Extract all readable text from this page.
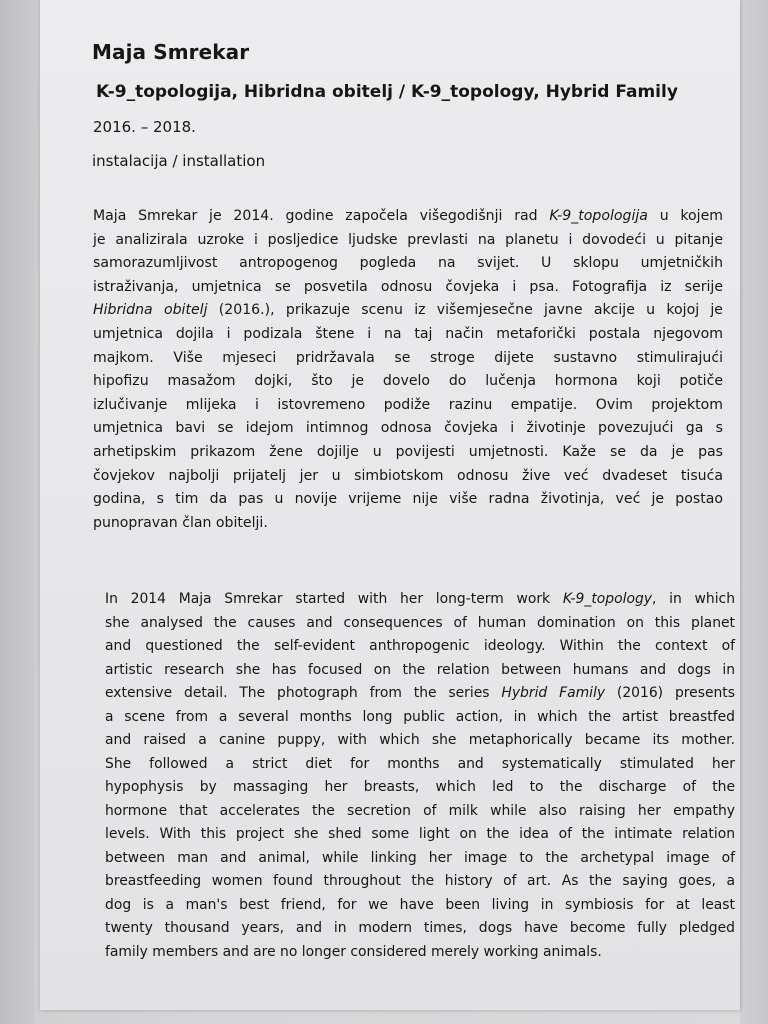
Maja Smrekar
K-9_topologija, Hibridna obitelj / K-9_topology, Hybrid Family
2016. – 2018.
instalacija / installation
Maja Smrekar je 2014. godine započela višegodišnji rad K-9_topologija u kojem
je analizirala uzroke i posljedice ljudske prevlasti na planetu i dovodeći u pitanje
samorazumljivost antropogenog pogleda na svijet. U sklopu umjetničkih
istraživanja, umjetnica se posvetila odnosu čovjeka i psa. Fotografija iz serije
Hibridna obitelj (2016.), prikazuje scenu iz višemjesečne javne akcije u kojoj je
umjetnica dojila i podizala štene i na taj način metaforički postala njegovom
majkom. Više mjeseci pridržavala se stroge dijete sustavno stimulirajući
hipofizu masažom dojki, što je dovelo do lučenja hormona koji potiče
izlučivanje mlijeka i istovremeno podiže razinu empatije. Ovim projektom
umjetnica bavi se idejom intimnog odnosa čovjeka i životinje povezujući ga s
arhetipskim prikazom žene dojilje u povijesti umjetnosti. Kaže se da je pas
čovjekov najbolji prijatelj jer u simbiotskom odnosu žive već dvadeset tisuća
godina, s tim da pas u novije vrijeme nije više radna životinja, već je postao
punopravan član obitelji.
In 2014 Maja Smrekar started with her long-term work K-9_topology, in which
she analysed the causes and consequences of human domination on this planet
and questioned the self-evident anthropogenic ideology. Within the context of
artistic research she has focused on the relation between humans and dogs in
extensive detail. The photograph from the series Hybrid Family (2016) presents
a scene from a several months long public action, in which the artist breastfed
and raised a canine puppy, with which she metaphorically became its mother.
She followed a strict diet for months and systematically stimulated her
hypophysis by massaging her breasts, which led to the discharge of the
hormone that accelerates the secretion of milk while also raising her empathy
levels. With this project she shed some light on the idea of the intimate relation
between man and animal, while linking her image to the archetypal image of
breastfeeding women found throughout the history of art. As the saying goes, a
dog is a man's best friend, for we have been living in symbiosis for at least
twenty thousand years, and in modern times, dogs have become fully pledged
family members and are no longer considered merely working animals.
